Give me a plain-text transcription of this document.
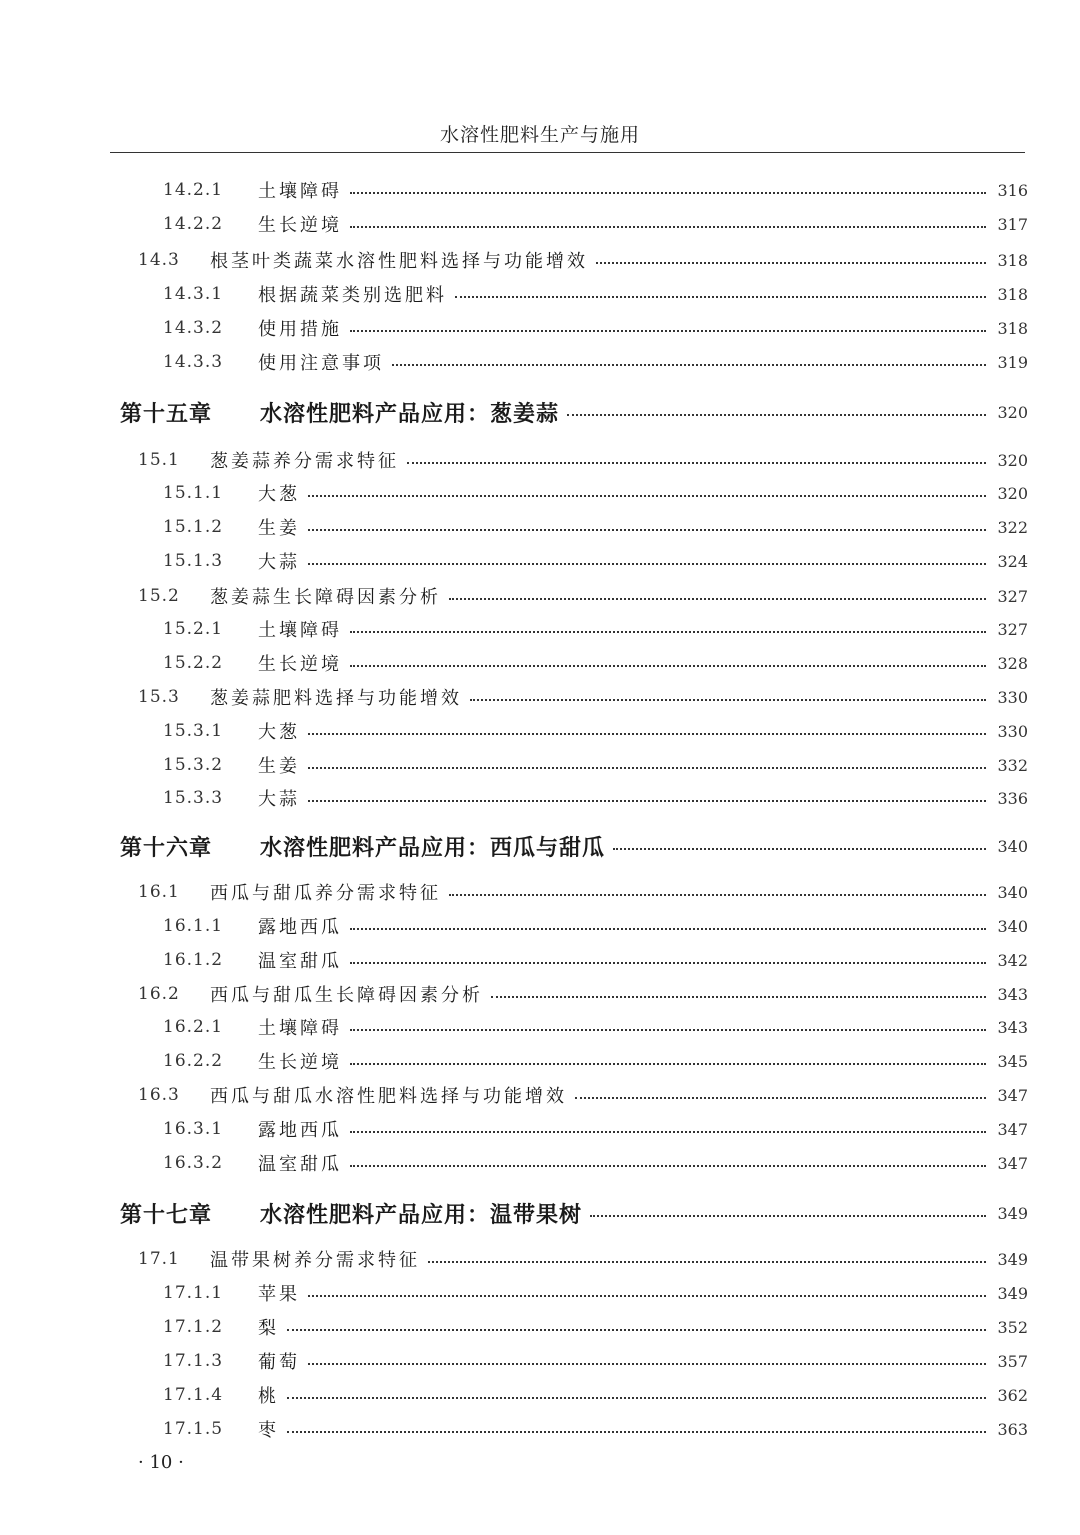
水溶性肥料生产与施用
14.2.1	土壤障碍	316
14.2.2	生长逆境	317
14.3	根茎叶类蔬菜水溶性肥料选择与功能增效	318
14.3.1	根据蔬菜类别选肥料	318
14.3.2	使用措施	318
14.3.3	使用注意事项	319
第十五章	水溶性肥料产品应用：葱姜蒜	320
15.1	葱姜蒜养分需求特征	320
15.1.1	大葱	320
15.1.2	生姜	322
15.1.3	大蒜	324
15.2	葱姜蒜生长障碍因素分析	327
15.2.1	土壤障碍	327
15.2.2	生长逆境	328
15.3	葱姜蒜肥料选择与功能增效	330
15.3.1	大葱	330
15.3.2	生姜	332
15.3.3	大蒜	336
第十六章	水溶性肥料产品应用：西瓜与甜瓜	340
16.1	西瓜与甜瓜养分需求特征	340
16.1.1	露地西瓜	340
16.1.2	温室甜瓜	342
16.2	西瓜与甜瓜生长障碍因素分析	343
16.2.1	土壤障碍	343
16.2.2	生长逆境	345
16.3	西瓜与甜瓜水溶性肥料选择与功能增效	347
16.3.1	露地西瓜	347
16.3.2	温室甜瓜	347
第十七章	水溶性肥料产品应用：温带果树	349
17.1	温带果树养分需求特征	349
17.1.1	苹果	349
17.1.2	梨	352
17.1.3	葡萄	357
17.1.4	桃	362
17.1.5	枣	363
· 10 ·
